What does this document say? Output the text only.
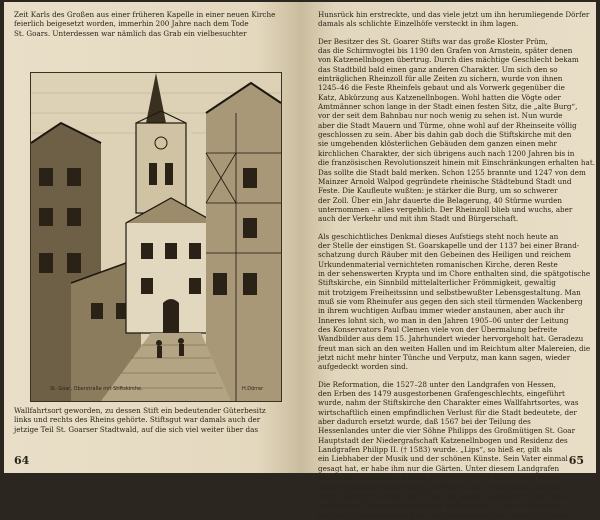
Zeit Karls des Großen aus einer früheren Kapelle in einer neuen Kirche
feierlich beigesetzt worden, immerhin 200 Jahre nach dem Tode
St. Goars. Unterdessen war nämlich das Grab ein vielbesuchter
St. Goar, Oberstraße mit Stiftskirche.	H.Dörrer
Wallfahrtsort geworden, zu dessen Stift ein bedeutender Güterbesitz
links und rechts des Rheins gehörte. Stiftsgut war damals auch der
jetzige Teil St. Goarser Stadtwald, auf die sich viel weiter über das
64
Hunsrück hin erstreckte, und das viele jetzt um ihn herumliegende Dörfer
damals als schlichte Einzelhöfe versteckt in ihm lagen.

Der Besitzer des St. Goarer Stifts war das große Kloster Prüm,
das die Schirmvogtei bis 1190 den Grafen von Arnstein, später denen
von Katzenellnbogen übertrug. Durch dies mächtige Geschlecht bekam
das Stadtbild bald einen ganz anderen Charakter. Um sich den so
einträglichen Rheinzoll für alle Zeiten zu sichern, wurde von ihnen
1245–46 die Feste Rheinfels gebaut und als Vorwerk gegenüber die
Katz, Abkürzung aus Katzenellnbogen. Wohl hatten die Vögte oder
Amtmänner schon lange in der Stadt einen festen Sitz, die „alte Burg“,
vor der seit dem Bahnbau nur noch wenig zu sehen ist. Nun wurde
aber die Stadt Mauern und Türme, ohne wohl auf der Rheinseite völlig
geschlossen zu sein. Aber bis dahin gab doch die Stiftskirche mit den
sie umgebenden klösterlichen Gebäuden dem ganzen einen mehr
kirchlichen Charakter, der sich übrigens auch nach 1200 Jahren bis in
die französischen Revolutionszeit hinein mit Einschränkungen erhalten hat.
Das sollte die Stadt bald merken. Schon 1255 brannte und 1247 von dem
Mainzer Arnold Walpod gegründete rheinische Städtebund Stadt und
Feste. Die Kaufleute wußten: je stärker die Burg, um so schwerer
der Zoll. Über ein Jahr dauerte die Belagerung, 40 Stürme wurden
unternommen – alles vergeblich. Der Rheinzoll blieb und wuchs, aber
auch der Verkehr und mit ihm Stadt und Bürgerschaft.

Als geschichtliches Denkmal dieses Aufstiegs steht noch heute an
der Stelle der einstigen St. Goarskapelle und der 1137 bei einer Brand-
schatzung durch Räuber mit den Gebeinen des Heiligen und reichem
Urkundenmaterial vernichteten romanischen Kirche, deren Reste
in der sehenswerten Krypta und im Chore enthalten sind, die spätgotische
Stiftskirche, ein Sinnbild mittelalterlicher Frömmigkeit, gewaltig
mit trotzigem Freiheitssinn und selbstbewußter Lebensgestaltung. Man
muß sie vom Rheinufer aus gegen den sich steil türmenden Wackenberg
in ihrem wuchtigen Aufbau immer wieder anstaunen, aber auch ihr
Inneres lohnt sich, wo man in den Jahren 1905–06 unter der Leitung
des Konservators Paul Clemen viele von der Übermalung befreite
Wandbilder aus dem 15. Jahrhundert wieder hervorgeholt hat. Geradezu
freut man sich an den weiten Hallen und im Reichtum alter Malereien, die
jetzt nicht mehr hinter Tünche und Verputz, man kann sagen, wieder
aufgedeckt worden sind.

Die Reformation, die 1527–28 unter den Landgrafen von Hessen,
den Erben des 1479 ausgestorbenen Grafengeschlechts, eingeführt
wurde, nahm der Stiftskirche den Charakter eines Wallfahrtsortes, was
wirtschaftlich einen empfindlichen Verlust für die Stadt bedeutete, der
aber dadurch ersetzt wurde, daß 1567 bei der Teilung des
Hessenlandes unter die vier Söhne Philipps des Großmütigen St. Goar
Hauptstadt der Niedergrafschaft Katzenellnbogen und Residenz des
Landgrafen Philipp II. († 1583) wurde. „Lips“, so hieß er, gilt als
ein Liebhaber der Musik und der schönen Künste. Sein Vater einmal
gesagt hat, er habe ihm nur die Gärten. Unter diesem Landgrafen
wurde das Rheinfelser Schloß erweitert und St. Goar durch ihn zu
einer der blühendsten Städte am Rhein, und der Rheinzoll brachte
mit 40 Jahren ins Grab sank. Sein und seiner Gemahlin (†1609) Grab-
mal ist eine Sehenswürdigkeit der Stiftskirche. Es ist ein Denkmal
bei der Wiederherstellung der Kirche neu errichtet; über 350 Einzel-
65
